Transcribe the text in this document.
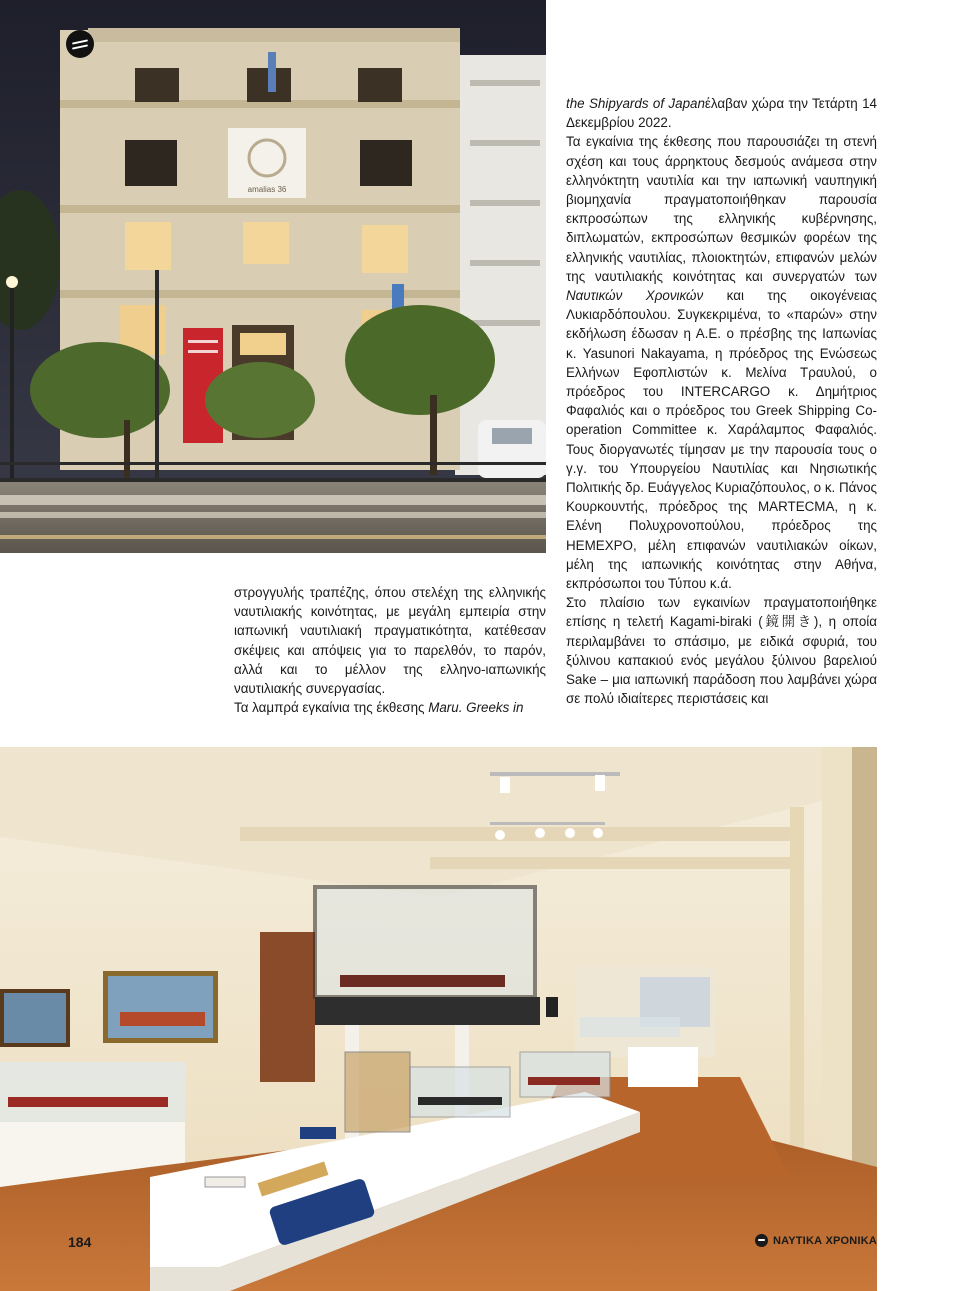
amalias 36

the Shipyards of Japanέλαβαν χώρα την Τετάρτη 14 Δεκεμβρίου 2022.

Τα εγκαίνια της έκθεσης που παρουσιάζει τη στενή σχέση και τους άρρηκτους δεσμούς ανάμεσα στην ελληνόκτητη ναυτιλία και την ιαπωνική ναυπηγική βιομηχανία πραγματοποιήθηκαν παρουσία εκπροσώπων της ελληνικής κυβέρνησης, διπλωματών, εκπροσώπων θεσμικών φορέων της ελληνικής ναυτιλίας, πλοιοκτητών, επιφανών μελών της ναυτιλιακής κοινότητας και συνεργατών των Ναυτικών Χρονικών και της οικογένειας Λυκιαρδόπουλου. Συγκεκριμένα, το «παρών» στην εκδήλωση έδωσαν η Α.Ε. ο πρέσβης της Ιαπωνίας κ. Yasunori Nakayama, η πρόεδρος της Ενώσεως Ελλήνων Εφοπλιστών κ. Μελίνα Τραυλού, ο πρόεδρος του INTERCARGO κ. Δημήτριος Φαφαλιός και ο πρόεδρος του Greek Shipping Co-operation Committee κ. Χαράλαμπος Φαφαλιός. Τους διοργανωτές τίμησαν με την παρουσία τους ο γ.γ. του Υπουργείου Ναυτιλίας και Νησιωτικής Πολιτικής δρ. Ευάγγελος Κυριαζόπουλος, ο κ. Πάνος Κουρκουντής, πρόεδρος της MARTECMA, η κ. Ελένη Πολυχρονοπούλου, πρόεδρος της HEMEXPO, μέλη επιφανών ναυτιλιακών οίκων, μέλη της ιαπωνικής κοινότητας στην Αθήνα, εκπρόσωποι του Τύπου κ.ά.

Στο πλαίσιο των εγκαινίων πραγματοποιήθηκε επίσης η τελετή Kagami-biraki (鏡開き), η οποία περιλαμβάνει το σπάσιμο, με ειδικά σφυριά, του ξύλινου καπακιού ενός μεγάλου ξύλινου βαρελιού Sake – μια ιαπωνική παράδοση που λαμβάνει χώρα σε πολύ ιδιαίτερες περιστάσεις και

στρογγυλής τραπέζης, όπου στελέχη της ελληνικής ναυτιλιακής κοινότητας, με μεγάλη εμπειρία στην ιαπωνική ναυτιλιακή πραγματικότητα, κατέθεσαν σκέψεις και απόψεις για το παρελθόν, το παρόν, αλλά και το μέλλον της ελληνο-ιαπωνικής ναυτιλιακής συνεργασίας.

Τα λαμπρά εγκαίνια της έκθεσης Maru. Greeks in

184	ΝΑΥΤΙΚΑ ΧΡΟΝΙΚΑ
